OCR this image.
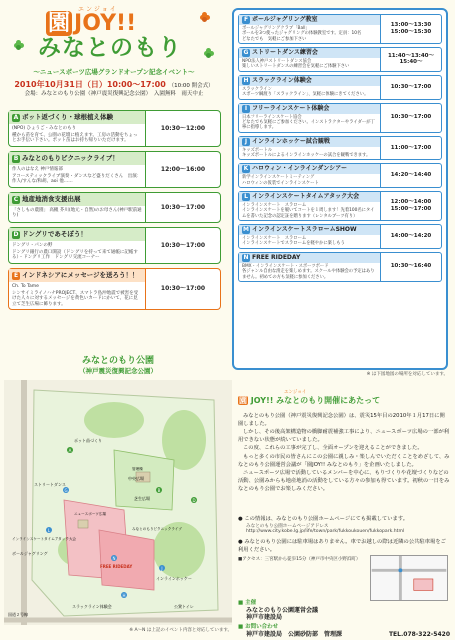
エンジョイ
園 JOY!!
みなとのもり
〜ニュースポーツ広場グランドオープン記念イベント〜
2010年10月31日（日）10:00〜17:00 （10:00 開会式）
会場：みなとのもり公園（神戸震災復興記念公園）　入園無料　雨天中止
A ボット返づくり・球根植え体験
(NPO) ひょうご・みなとのもり
種から苗を育て、公園の花壇に植えます。工房の活動をちょっとお手伝い下さい。ポット苗はお持ち帰りいただけます。
10:30〜12:00
B みなとのもりピクニックライブ！
作人のはなえ 神戸情報部
アコースティックライブ演奏・ダンスなど盛りだくさん　出演：作人/すんな/和胡、aoi 他……
12:00〜16:00
C 地産地消食支援出展
「さしもの農園」 高槻 芥川(地元・自然)のお母さん(神戸駅前通り)
10:30〜17:00
D ドングリであそぼう！
ドングリ・パンの野
ドングリ銀行の農口開設（ドングリを持って来て通帳に記帳する）・ドングリ工作　ドングリ交流コーナー
10:30〜17:00
E インドネシアにメッセージを送ろう！！
Ch. To Tame
シンサイミライノハナPROJECT、スマトラ島沖地震で被害を受けた人々に対するメッセージを黄色いカードにかいて、花に見立て芝生広場に飾ります。
10:30〜17:00
F ボールジャグリング教室
ボールジャグリングクラブ「Ball」
ボールを3つ使ったジャグリングの体験教室です。定員：10名
どなたでも　気軽にご参加下さい
13:00〜13:30
15:00〜15:30
G ストリートダンス練習会
NPO法人神戸ストリートダンス協会
楽しいストリートダンスの練習会を気軽にご体験下さい
11:40〜13:40〜
15:40〜
H スラックライン体験会
スラックライン
スポーツ綱渡り「スラックライン」、気軽に体験にきてください。
10:30〜17:00
I フリーラインスケート体験会
日本フリーラインスケート協会
どなたでも気軽にご参加ください。インストラクターやライダーが丁寧に指導します。
10:30〜17:00
J インラインホッケー試合観戦
キッズポートル
キッズポートルによるインラインホッケーの試合を観戦できます。
11:00〜17:00
K ハロウィン・インラインダンシアー
新学インラインスケートミーティング
ハロウィンの仮装でインラインスケート
14:20〜14:40
L インラインスケートタイムアタック大会
インラインスケート　スラローム
インラインスケートを履いてコートを１周します！先着100名にタイムを書いた記念の認定証を贈ります（レンタルブーツ有り）
12:00〜14:00
15:00〜17:00
M インラインスケートスラロームSHOW
インラインスケート　スラローム
インラインスケートでスラロームを軽やかに楽しもう
14:00〜14:20
N FREE RIDEDAY
BMX・インラインスケート・スポーツボード
各ジャンル自由な滑走を楽しめます。スクールや体験会の予定はありません。初めての方も気軽に参加ください。
10:30〜16:40
※ は下図地図の場所を対応しています。
みなとのもり公園
（神戸震災復興記念公園）
A
B
D
G
L
N
H
J
ポット苗づくり
ストリートダンス
インラインスケートタイムアタック大会
ボールジャグリング
スラックライン体験会
FREE RIDEDAY
みなとのもりピクニックライブ
インラインホッケー
中央広場
管理棟
芝生広場
ニュースポーツ広場
公衆トイレ
国道２号線
※ A〜N は上記のイベント内容と対応しています。
エンジョイ
園 JOY!! みなとのもり開催にあたって

みなとのもり公園（神戸震災復興記念公園）は、震災15年目の2010年１月17日に開園しました。

しかし、その後高架構造物の橋脚耐震補強工事により、ニュースポーツ広場の一部が利用できない状態が続いていました。

この度、これらの工事が完了し、全面オープンを迎えることができました。

もっと多くの市民の皆さんにこの公園に親しみ・楽しんでいただくことをめざして、みなとのもり公園運営会議が「園JOY!! みなとのもり」を企画いたしました。

ニュースポーツ広場で活動しているメンバーを中心に、もりづくりや花壇づくりなどの活動、公園みからも地産地消の活動をしている方々の参加も得ています。初秋の一日をみなとのもり公園でお楽しみください。

● この情報は、みなとのもり公園ホームページにても掲載しています。
みなとのもり公園ホームページアドレス
http://www.city.kobe.lg.jp/life/town/park/fukkoukouen/fukkopark.html
● みなとのもり公園には駐車場はありません。車でお越しの際は近隣の公共駐車場をご利用ください。
■アクセス：三宮駅から徒歩15分（神戸市中央区小野浜町）
■ 主催
みなとのもり公園運営会議
神戸市建設局
■ お問い合わせ
神戸市建設局　公園砂防部　管理課	TEL.078-322-5420
